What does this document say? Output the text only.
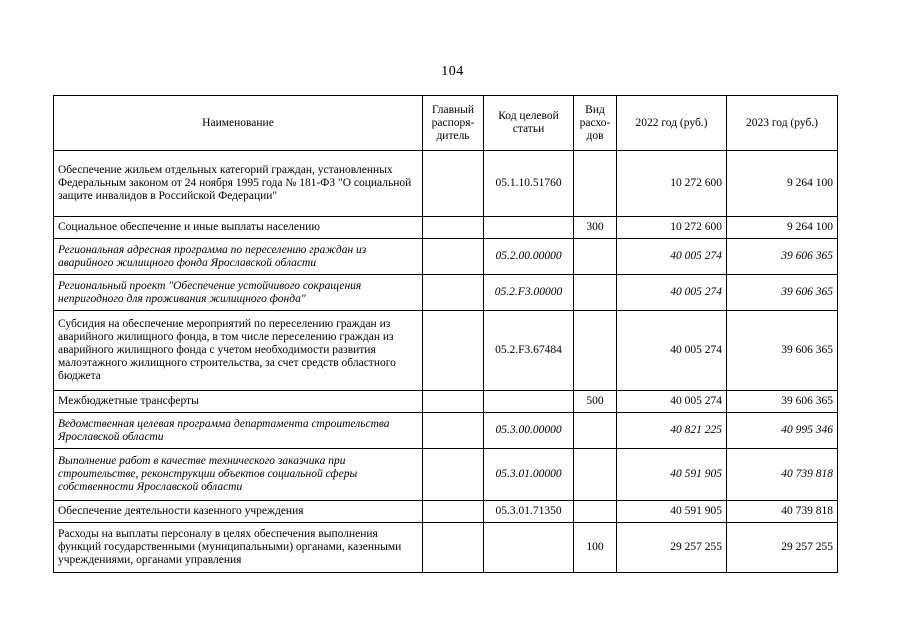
104
Наименование	Главный распоря-дитель	Код целевой статьи	Вид расхо-дов	2022 год (руб.)	2023 год (руб.)
Обеспечение жильем отдельных категорий граждан, установленных Федеральным законом от 24 ноября 1995 года № 181-ФЗ "О социальной защите инвалидов в Российской Федерации"		05.1.10.51760		10 272 600	9 264 100
Социальное обеспечение и иные выплаты населению			300	10 272 600	9 264 100
Региональная адресная программа по переселению граждан из аварийного жилищного фонда Ярославской области		05.2.00.00000		40 005 274	39 606 365
Региональный проект "Обеспечение устойчивого сокращения непригодного для проживания жилищного фонда"		05.2.F3.00000		40 005 274	39 606 365
Субсидия на обеспечение мероприятий по переселению граждан из аварийного жилищного фонда, в том числе переселению граждан из аварийного жилищного фонда с учетом необходимости развития малоэтажного жилищного строительства, за счет средств областного бюджета		05.2.F3.67484		40 005 274	39 606 365
Межбюджетные трансферты			500	40 005 274	39 606 365
Ведомственная целевая программа департамента строительства Ярославской области		05.3.00.00000		40 821 225	40 995 346
Выполнение работ в качестве технического заказчика при строительстве, реконструкции объектов социальной сферы собственности Ярославской области		05.3.01.00000		40 591 905	40 739 818
Обеспечение деятельности казенного учреждения		05.3.01.71350		40 591 905	40 739 818
Расходы на выплаты персоналу в целях обеспечения выполнения функций государственными (муниципальными) органами, казенными учреждениями, органами управления			100	29 257 255	29 257 255
